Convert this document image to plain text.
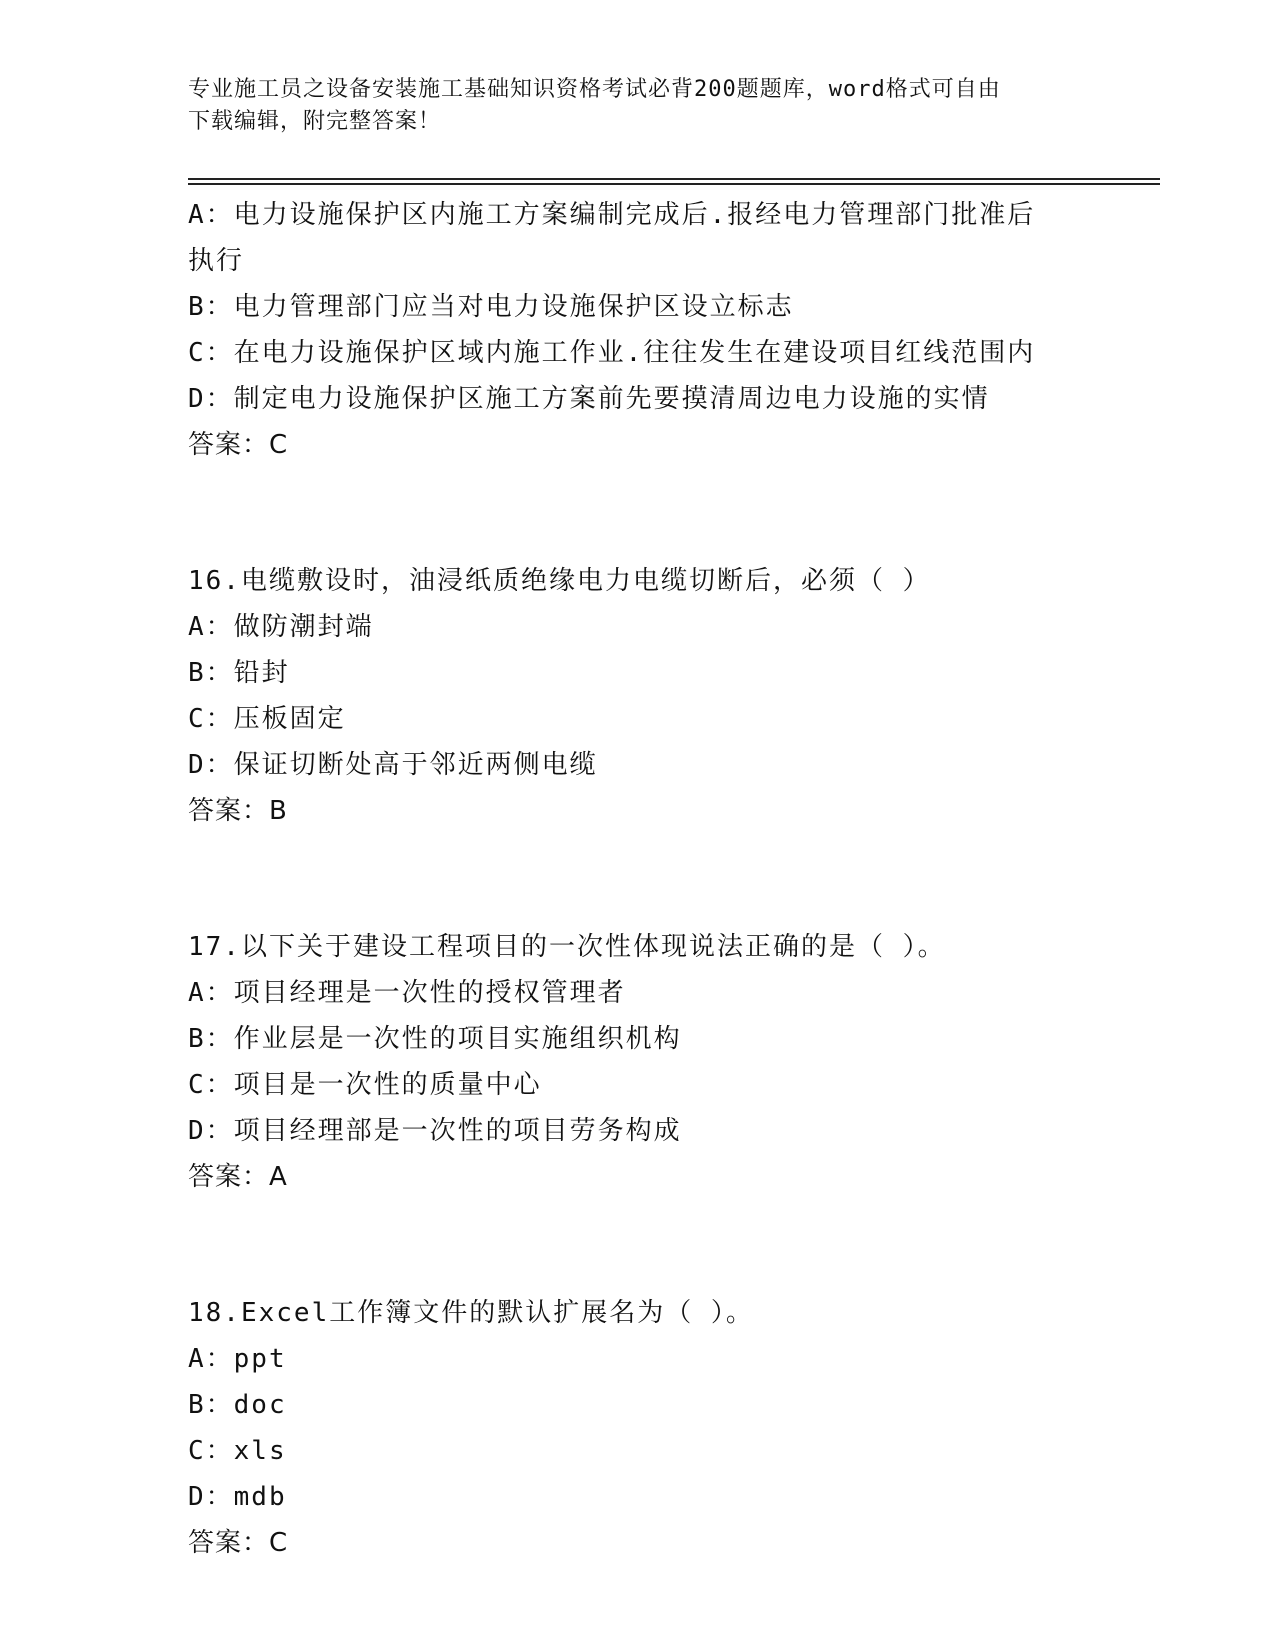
专业施工员之设备安装施工基础知识资格考试必背200题题库，word格式可自由
下载编辑，附完整答案！
A：电力设施保护区内施工方案编制完成后.报经电力管理部门批准后
执行
B：电力管理部门应当对电力设施保护区设立标志
C：在电力设施保护区域内施工作业.往往发生在建设项目红线范围内
D：制定电力设施保护区施工方案前先要摸清周边电力设施的实情
答案：C
16.电缆敷设时，油浸纸质绝缘电力电缆切断后，必须（ ）
A：做防潮封端
B：铅封
C：压板固定
D：保证切断处高于邻近两侧电缆
答案：B
17.以下关于建设工程项目的一次性体现说法正确的是（ ）。
A：项目经理是一次性的授权管理者
B：作业层是一次性的项目实施组织机构
C：项目是一次性的质量中心
D：项目经理部是一次性的项目劳务构成
答案：A
18.Excel工作簿文件的默认扩展名为（ ）。
A：ppt
B：doc
C：xls
D：mdb
答案：C
